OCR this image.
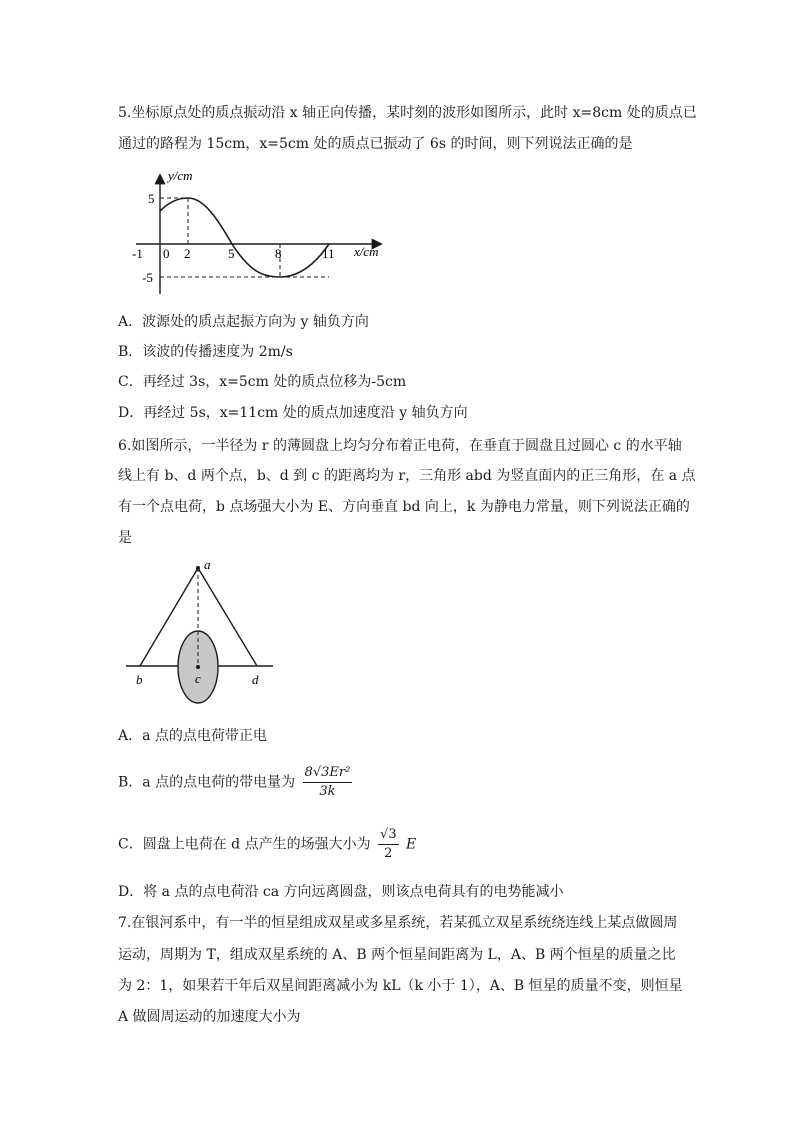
5.坐标原点处的质点振动沿 x 轴正向传播，某时刻的波形如图所示，此时 x=8cm 处的质点已
通过的路程为 15cm，x=5cm 处的质点已振动了 6s 的时间，则下列说法正确的是
y/cm
x/cm
5
-5
-1 0 2	5	8	11
A．波源处的质点起振方向为 y 轴负方向
B．该波的传播速度为 2m/s
C．再经过 3s，x=5cm 处的质点位移为-5cm
D．再经过 5s，x=11cm 处的质点加速度沿 y 轴负方向
6.如图所示，一半径为 r 的薄圆盘上均匀分布着正电荷，在垂直于圆盘且过圆心 c 的水平轴
线上有 b、d 两个点，b、d 到 c 的距离均为 r，三角形 abd 为竖直面内的正三角形，在 a 点
有一个点电荷，b 点场强大小为 E、方向垂直 bd 向上，k 为静电力常量，则下列说法正确的
是
a
b	c	d
A．a 点的点电荷带正电
B．a 点的点电荷的带电量为 $\frac{\text{8√3Er²}}{3k}$
C．圆盘上电荷在 d 点产生的场强大小为 $\frac{√3}{2}$ E
D．将 a 点的点电荷沿 ca 方向远离圆盘，则该点电荷具有的电势能减小
7.在银河系中，有一半的恒星组成双星或多星系统，若某孤立双星系统绕连线上某点做圆周
运动，周期为 T，组成双星系统的 A、B 两个恒星间距离为 L，A、B 两个恒星的质量之比
为 2：1，如果若干年后双星间距离减小为 kL（k 小于 1），A、B 恒星的质量不变，则恒星
A 做圆周运动的加速度大小为
